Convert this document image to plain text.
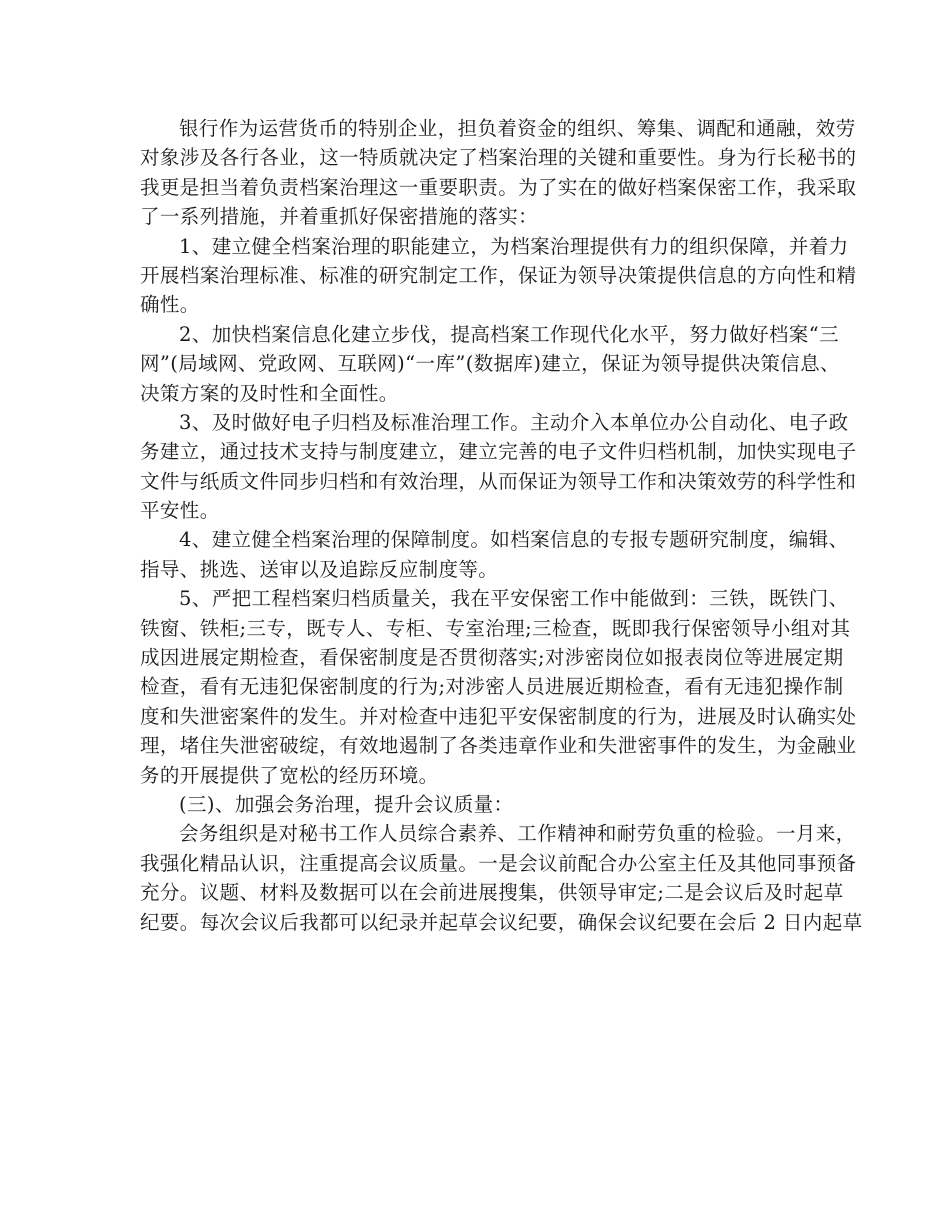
银行作为运营货币的特别企业，担负着资金的组织、筹集、调配和通融，效劳
对象涉及各行各业，这一特质就决定了档案治理的关键和重要性。身为行长秘书的
我更是担当着负责档案治理这一重要职责。为了实在的做好档案保密工作，我采取
了一系列措施，并着重抓好保密措施的落实：
1、建立健全档案治理的职能建立，为档案治理提供有力的组织保障，并着力
开展档案治理标准、标准的研究制定工作，保证为领导决策提供信息的方向性和精
确性。
2、加快档案信息化建立步伐，提高档案工作现代化水平，努力做好档案“三
网”(局域网、党政网、互联网)“一库”(数据库)建立，保证为领导提供决策信息、
决策方案的及时性和全面性。
3、及时做好电子归档及标准治理工作。主动介入本单位办公自动化、电子政
务建立，通过技术支持与制度建立，建立完善的电子文件归档机制，加快实现电子
文件与纸质文件同步归档和有效治理，从而保证为领导工作和决策效劳的科学性和
平安性。
4、建立健全档案治理的保障制度。如档案信息的专报专题研究制度，编辑、
指导、挑选、送审以及追踪反应制度等。
5、严把工程档案归档质量关，我在平安保密工作中能做到：三铁，既铁门、
铁窗、铁柜;三专，既专人、专柜、专室治理;三检查，既即我行保密领导小组对其
成因进展定期检查，看保密制度是否贯彻落实;对涉密岗位如报表岗位等进展定期
检查，看有无违犯保密制度的行为;对涉密人员进展近期检查，看有无违犯操作制
度和失泄密案件的发生。并对检查中违犯平安保密制度的行为，进展及时认确实处
理，堵住失泄密破绽，有效地遏制了各类违章作业和失泄密事件的发生，为金融业
务的开展提供了宽松的经历环境。
(三)、加强会务治理，提升会议质量：
会务组织是对秘书工作人员综合素养、工作精神和耐劳负重的检验。一月来，
我强化精品认识，注重提高会议质量。一是会议前配合办公室主任及其他同事预备
充分。议题、材料及数据可以在会前进展搜集，供领导审定;二是会议后及时起草
纪要。每次会议后我都可以纪录并起草会议纪要，确保会议纪要在会后 2 日内起草
